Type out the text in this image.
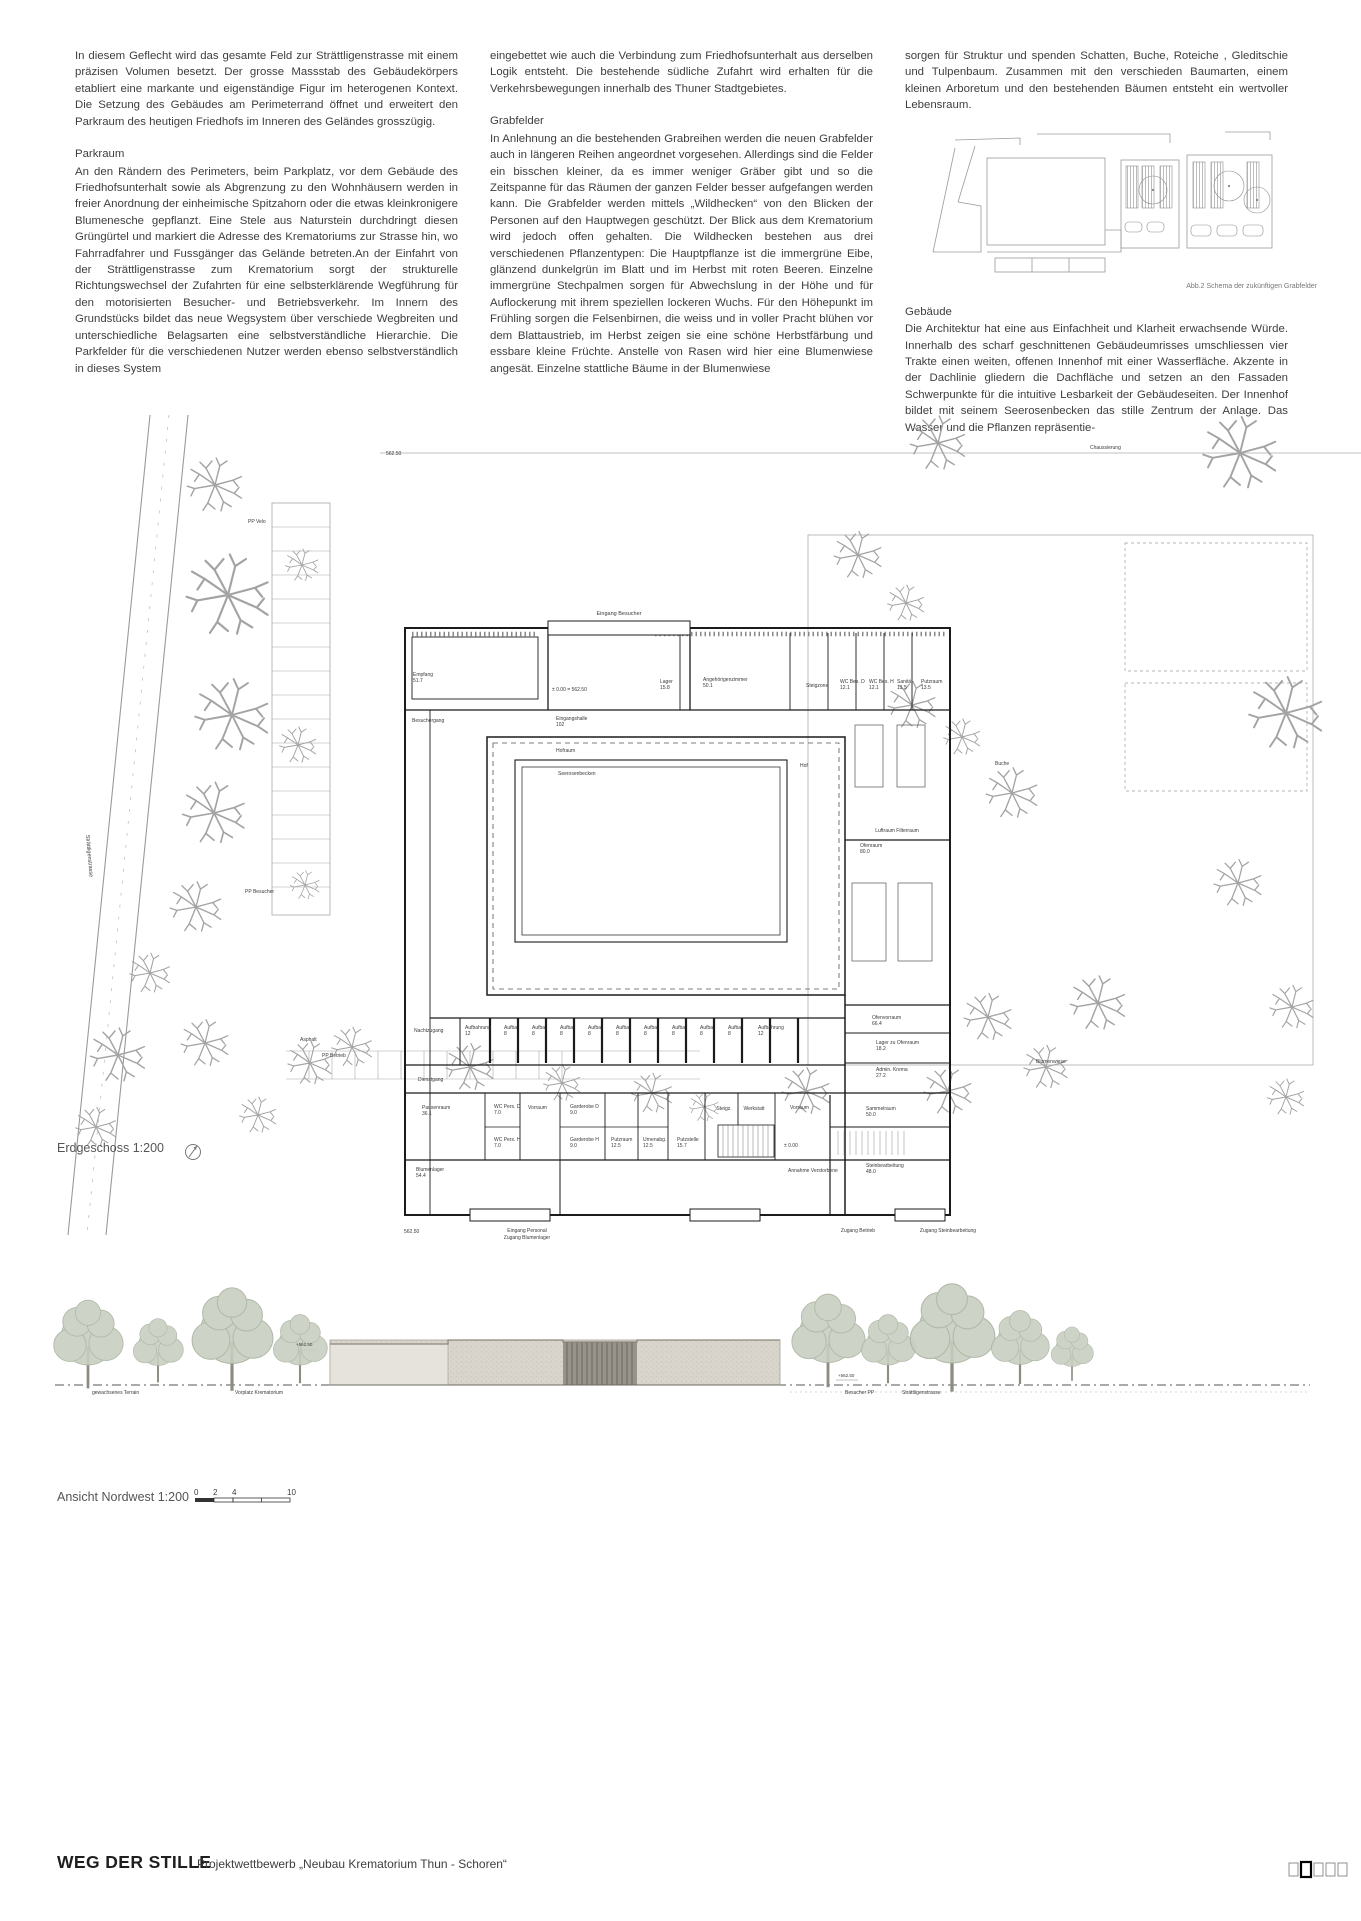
In diesem Geflecht wird das gesamte Feld zur Strättligenstrasse mit einem präzisen Volumen besetzt. Der grosse Massstab des Gebäudekörpers etabliert eine markante und eigenständige Figur im heterogenen Kontext. Die Setzung des Gebäudes am Perimeterrand öffnet und erweitert den Parkraum des heutigen Friedhofs im Inneren des Geländes grosszügig.

Parkraum

An den Rändern des Perimeters, beim Parkplatz, vor dem Gebäude des Friedhofsunterhalt sowie als Abgrenzung zu den Wohnhäusern werden in freier Anordnung der einheimische Spitzahorn oder die etwas kleinkronigere Blumenesche gepflanzt. Eine Stele aus Naturstein durchdringt diesen Grüngürtel und markiert die Adresse des Krematoriums zur Strasse hin, wo Fahrradfahrer und Fussgänger das Gelände betreten.An der Einfahrt von der Strättligenstrasse zum Krematorium sorgt der strukturelle Richtungswechsel der Zufahrten für eine selbsterklärende Wegführung für den motorisierten Besucher- und Betriebsverkehr. Im Innern des Grundstücks bildet das neue Wegsystem über verschiede Wegbreiten und unterschiedliche Belagsarten eine selbstverständliche Hierarchie. Die Parkfelder für die verschiedenen Nutzer werden ebenso selbstverständlich in dieses System

eingebettet wie auch die Verbindung zum Friedhofsunterhalt aus derselben Logik entsteht. Die bestehende südliche Zufahrt wird erhalten für die Verkehrsbewegungen innerhalb des Thuner Stadtgebietes.

Grabfelder

In Anlehnung an die bestehenden Grabreihen werden die neuen Grabfelder auch in längeren Reihen angeordnet vorgesehen. Allerdings sind die Felder ein bisschen kleiner, da es immer weniger Gräber gibt und so die Zeitspanne für das Räumen der ganzen Felder besser aufgefangen werden kann. Die Grabfelder werden mittels „Wildhecken“ von den Blicken der Personen auf den Hauptwegen geschützt. Der Blick aus dem Krematorium wird jedoch offen gehalten. Die Wildhecken bestehen aus drei verschiedenen Pflanzentypen: Die Hauptpflanze ist die immergrüne Eibe, glänzend dunkelgrün im Blatt und im Herbst mit roten Beeren. Einzelne immergrüne Stechpalmen sorgen für Abwechslung in der Höhe und für Auflockerung mit ihrem speziellen lockeren Wuchs. Für den Höhepunkt im Frühling sorgen die Felsenbirnen, die weiss und in voller Pracht blühen vor dem Blattaustrieb, im Herbst zeigen sie eine schöne Herbstfärbung und essbare kleine Früchte. Anstelle von Rasen wird hier eine Blumenwiese angesät. Einzelne stattliche Bäume in der Blumenwiese

sorgen für Struktur und spenden Schatten, Buche, Roteiche , Gleditschie und Tulpenbaum. Zusammen mit den verschieden Baumarten, einem kleinen Arboretum und den bestehenden Bäumen entsteht ein wertvoller Lebensraum.

Abb.2 Schema der zukünftigen Grabfelder
Gebäude

Die Architektur hat eine aus Einfachheit und Klarheit erwachsende Würde. Innerhalb des scharf geschnittenen Gebäudeumrisses umschliessen vier Trakte einen weiten, offenen Innenhof mit einer Wasserfläche. Akzente in der Dachlinie gliedern die Dachfläche und setzen an den Fassaden Schwerpunkte für die intuitive Lesbarkeit der Gebäudeseiten. Der Innenhof bildet mit seinem Seerosenbecken das stille Zentrum der Anlage. Das Wasser und die Pflanzen repräsentie-

562.50
Chaussierung
Eingang Besucher
Empfang
51.7
± 0.00 = 562.50
Lager
15.8
Angehörigenzimmer
50.1	Steigzone
WC Bes. D
12.1
WC Bes. H
12.1
Sanität
13.5
Putzraum
13.5
Besuchergang	Eingangshalle
102
Hofraum
Seerosenbecken
Hof
Luftraum Filterraum
Ofenraum
80.0
Nachtzugang	Aufbahrung
12
Aufba.
8
Aufba.
8
Aufba.
8
Aufba.
8
Aufba.
8
Aufba.
8
Aufba.
8
Aufba.
8
Aufba.
8
Aufbahrung
12
Dienstgang
Ofenvorraum
66.4
Lager zu Ofenraum
18.2
Admin. Krema
27.2
Pausenraum
36.1
WC Pers. D
7.0
WC Pers. H
7.0
Vorraum	Garderobe D
9.0
Garderobe H
9.0
Putzraum
12.5
Urnenabg.
12.5
Putzstelle
15.7
Steigz. Werkstatt	Vorraum
± 0.00
Annahme Verstorbene
Sammelraum
50.0
Steinbearbeitung
48.0
Blumenlager
54.4
562.50	Eingang Personal
Zugang Blumenlager
Zugang Betrieb	Zugang Steinbearbeitung
PP Velo
PP Besucher
Asphalt
PP Betrieb
Buche
Blumenwiese
Strättligenstrasse
Erdgeschoss 1:200
gewachsenes Terrain	Vorplatz Krematorium
+562.50
+562.50
Besucher PP	Strättligenstrasse
Ansicht Nordwest 1:200 0 2 4	10
WEG DER STILLE
Projektwettbewerb „Neubau Krematorium Thun - Schoren“
